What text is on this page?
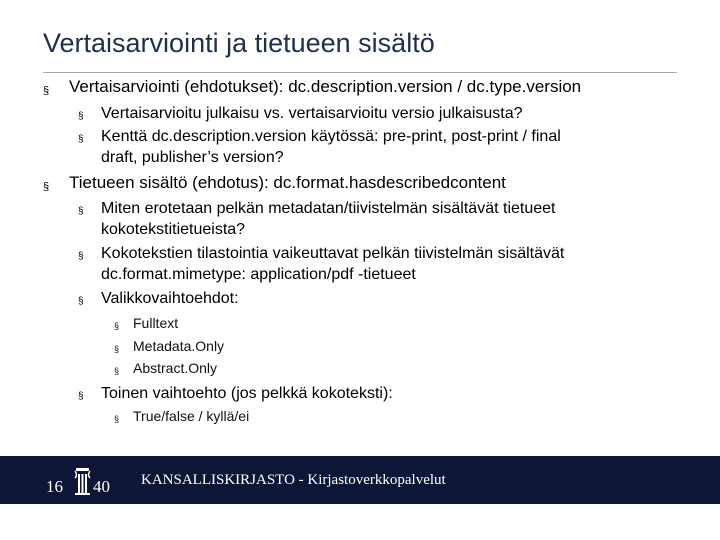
Vertaisarviointi ja tietueen sisältö
§ Vertaisarviointi (ehdotukset): dc.description.version / dc.type.version
§ Vertaisarvioitu julkaisu vs. vertaisarvioitu versio julkaisusta?
§ Kenttä dc.description.version käytössä: pre-print, post-print / final
draft, publisher’s version?
§ Tietueen sisältö (ehdotus): dc.format.hasdescribedcontent
§ Miten erotetaan pelkän metadatan/tiivistelmän sisältävät tietueet
kokotekstitietueista?
§ Kokotekstien tilastointia vaikeuttavat pelkän tiivistelmän sisältävät
dc.format.mimetype: application/pdf -tietueet
§ Valikkovaihtoehdot:
§ Fulltext
§ Metadata.Only
§ Abstract.Only
§ Toinen vaihtoehto (jos pelkkä kokoteksti):
§ True/false / kyllä/ei
16 40 KANSALLISKIRJASTO - Kirjastoverkkopalvelut
